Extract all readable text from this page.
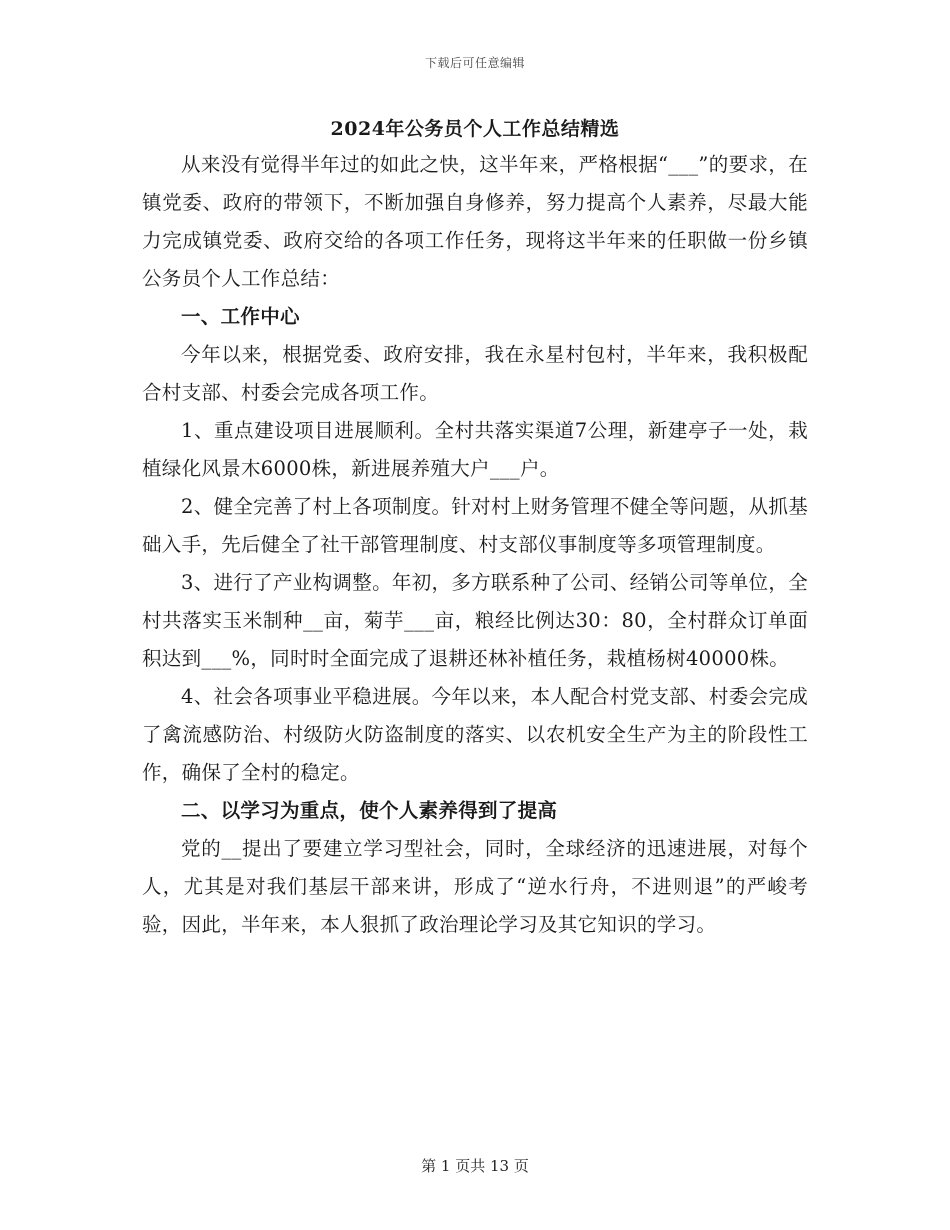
下载后可任意编辑
2024年公务员个人工作总结精选

从来没有觉得半年过的如此之快，这半年来，严格根据“___”的要求，在镇党委、政府的带领下，不断加强自身修养，努力提高个人素养，尽最大能力完成镇党委、政府交给的各项工作任务，现将这半年来的任职做一份乡镇公务员个人工作总结：

一、工作中心

今年以来，根据党委、政府安排，我在永星村包村，半年来，我积极配合村支部、村委会完成各项工作。

1、重点建设项目进展顺利。全村共落实渠道7公理，新建亭子一处，栽植绿化风景木6000株，新进展养殖大户___户。

2、健全完善了村上各项制度。针对村上财务管理不健全等问题，从抓基础入手，先后健全了社干部管理制度、村支部仪事制度等多项管理制度。

3、进行了产业构调整。年初，多方联系种了公司、经销公司等单位，全村共落实玉米制种__亩，菊芋___亩，粮经比例达30：80，全村群众订单面积达到___%，同时时全面完成了退耕还林补植任务，栽植杨树40000株。

4、社会各项事业平稳进展。今年以来，本人配合村党支部、村委会完成了禽流感防治、村级防火防盗制度的落实、以农机安全生产为主的阶段性工作，确保了全村的稳定。

二、以学习为重点，使个人素养得到了提高

党的__提出了要建立学习型社会，同时，全球经济的迅速进展，对每个人，尤其是对我们基层干部来讲，形成了“逆水行舟，不进则退”的严峻考验，因此，半年来，本人狠抓了政治理论学习及其它知识的学习。

第 1 页共 13 页
